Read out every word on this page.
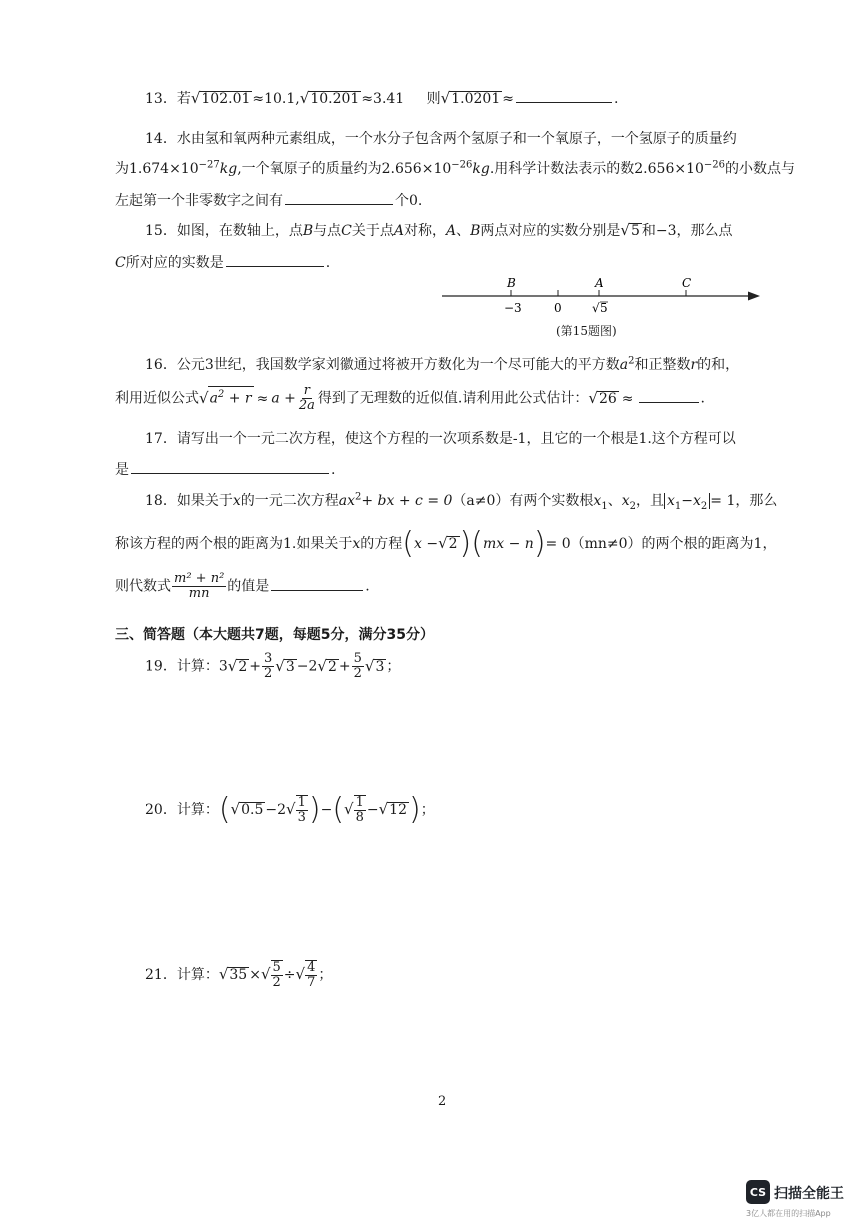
13．若√102.01 ≈10.1,√10.201 ≈3.41 则√1.0201 ≈	.
14．水由氢和氧两种元素组成，一个水分子包含两个氢原子和一个氧原子，一个氢原子的质量约
为$1.674\times 10^{-27}kg$,一个氧原子的质量约为$2.656\times 10^{-26}kg$.用科学计数法表示的数$2.656\times 10^{-26}$的小数点与
左起第一个非零数字之间有	个0.
15．如图，在数轴上，点B与点C关于点A对称，A、B两点对应的实数分别是√5 和−3，那么点
C所对应的实数是	.
B	A	C
−3	0	√ 5
(第15题图)
16．公元3世纪，我国数学家刘徽通过将被开方数化为一个尽可能大的平方数$a^2$和正整数r的和，
利用近似公式$√a^2 + r \approx a + \frac{r}{2a}$ 得到了无理数的近似值.请利用此公式估计：√26 ≈	.
17．请写出一个一元二次方程，使这个方程的一次项系数是-1，且它的一个根是1.这个方程可以
是	.
18．如果关于x的一元二次方程$ax^2+$ bx + c = 0（a≠0）有两个实数根$x_1$、$x_2$，且 $x_1-x_2 = 1$，那么
称该方程的两个根的距离为1.如果关于x的方程(x −√2)(mx − n)= 0（mn≠0）的两个根的距离为1，
则代数式 $\frac{\text{m² + n²}}{mn}$ 的值是	.
三、简答题（本大题共7题，每题5分，满分35分）
19．计算：$3√2 + \frac{3}{2} √3 -2√2 + \frac{5}{2} √3$ ；
20．计算：($√0.5 -2√ \frac{1}{3}$ )−(√ $\frac{1}{8} -√12$)；
21．计算：√35 ×√ $\frac{5}{2}$ ÷√ $\frac{4}{7}$ ；
2
CS 扫描全能王
3亿人都在用的扫描App
